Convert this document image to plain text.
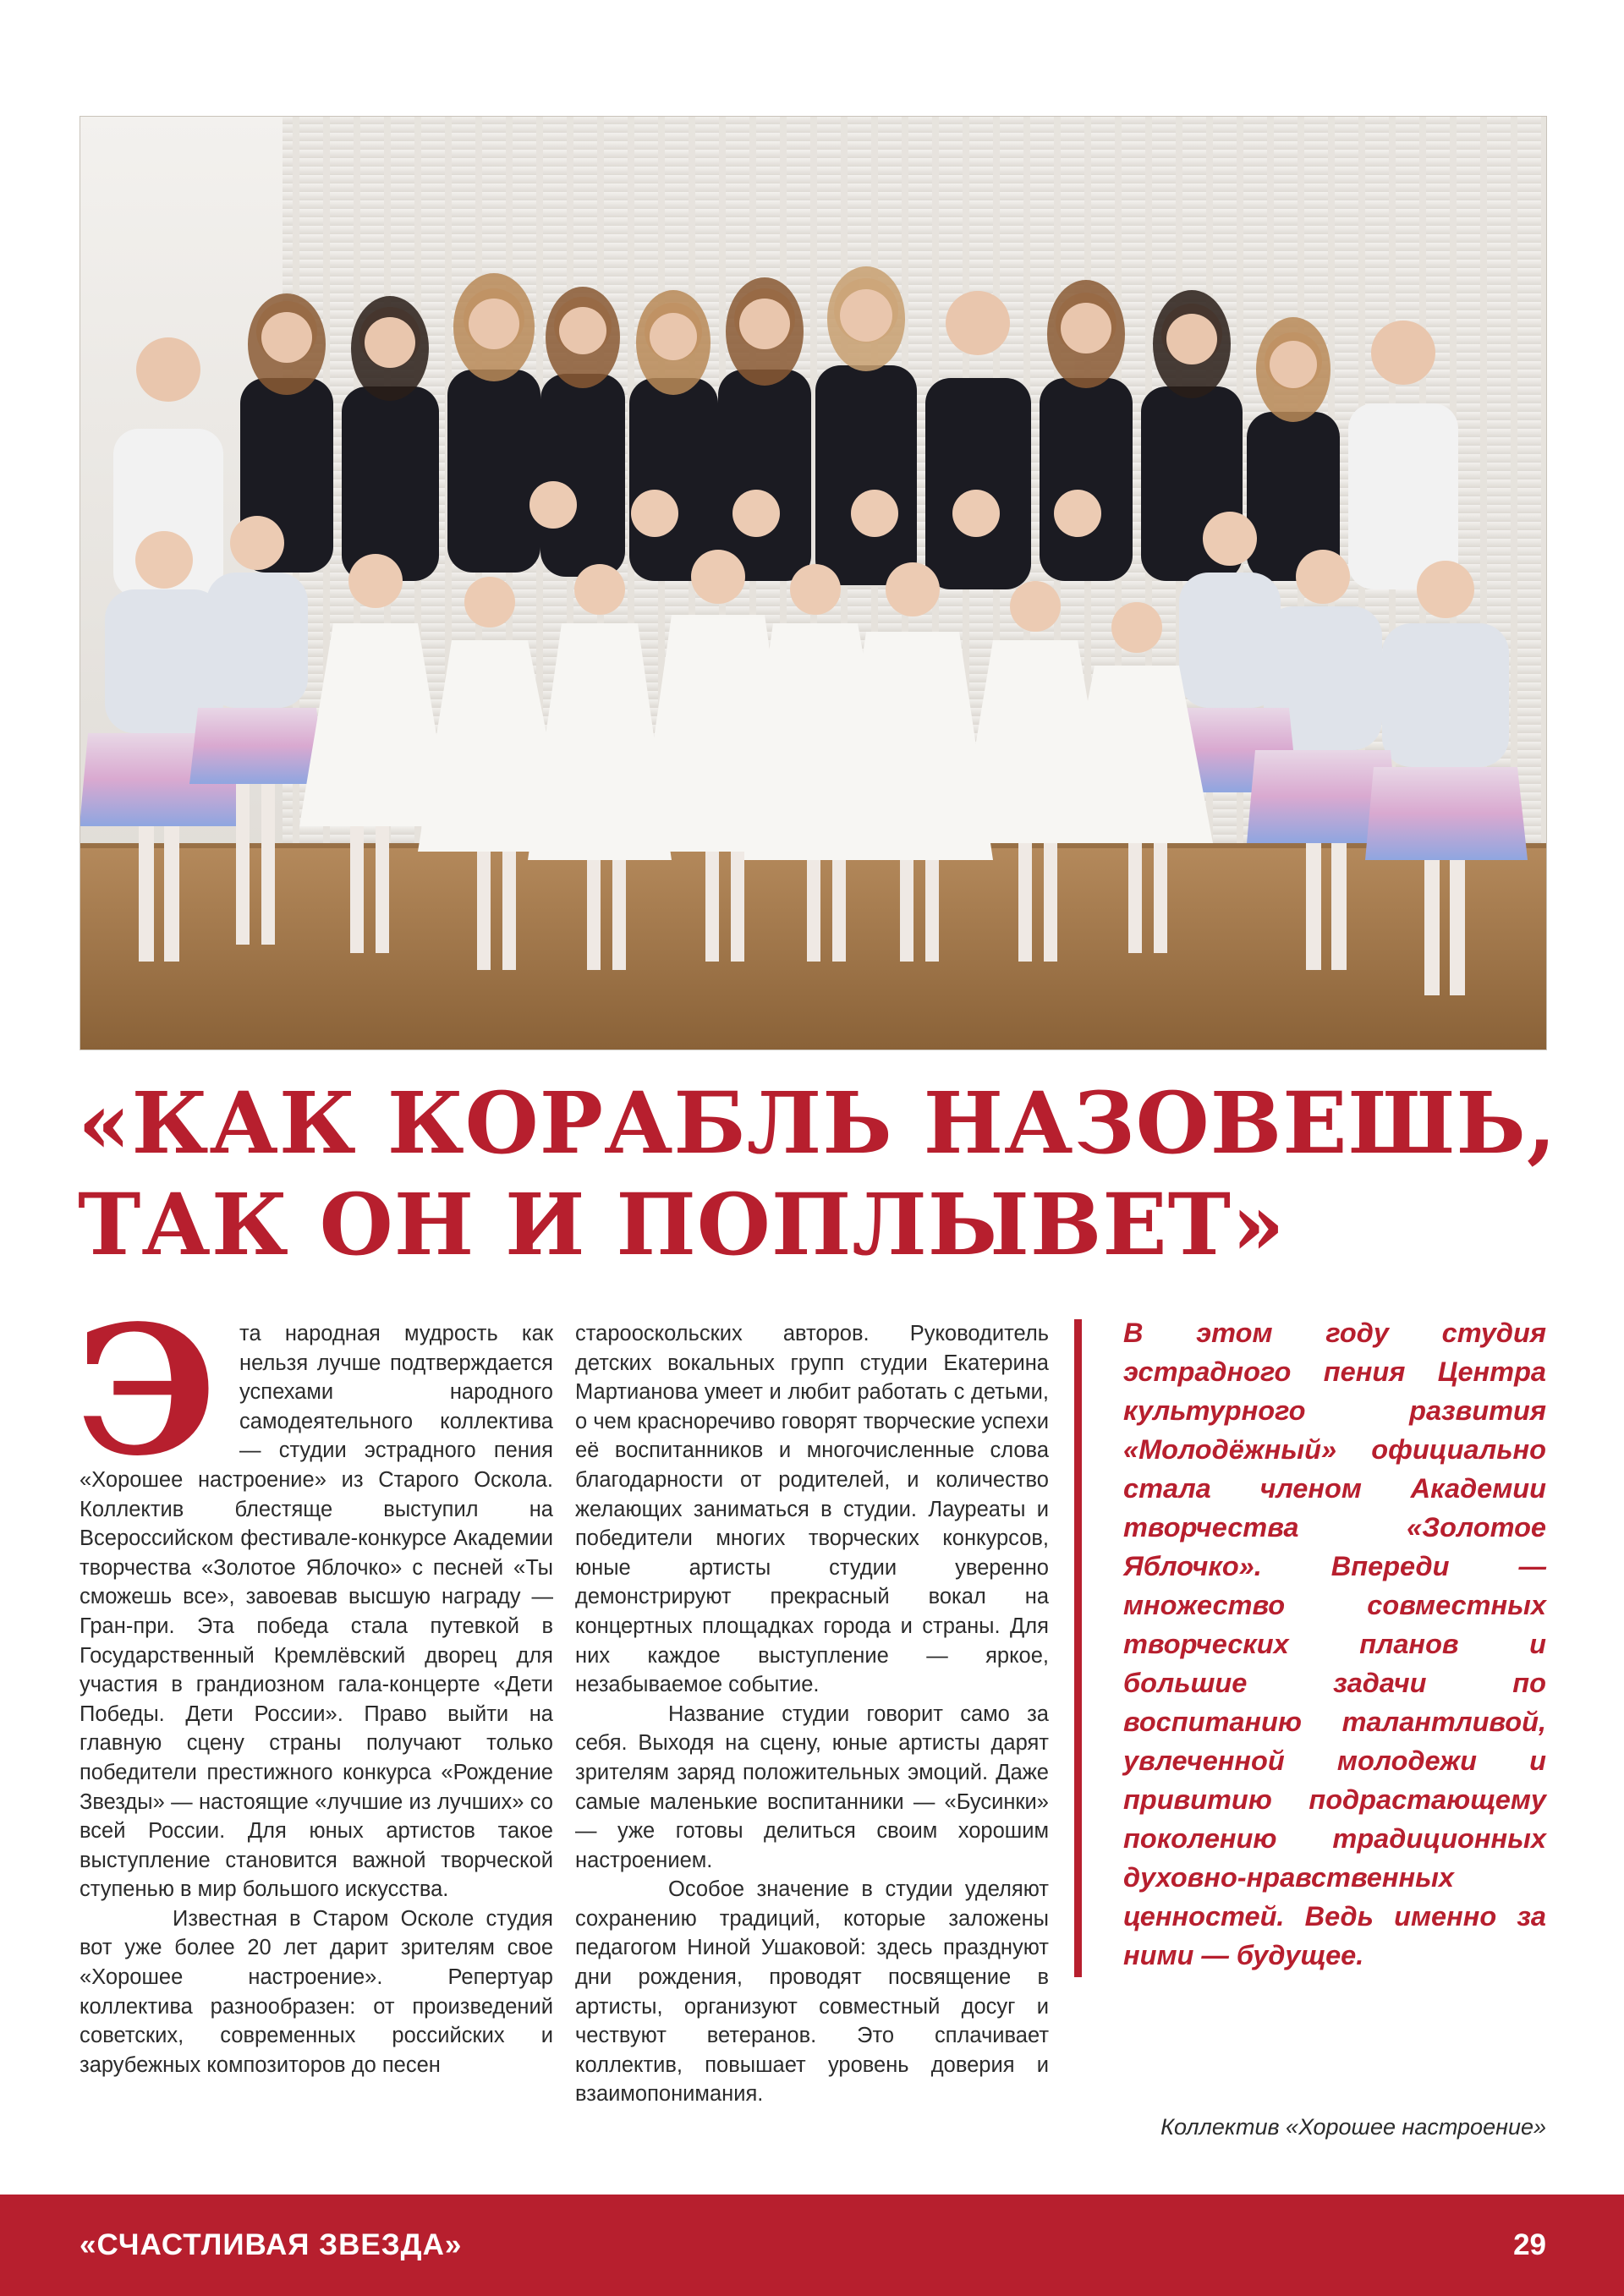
«КАК КОРАБЛЬ НАЗОВЕШЬ,
ТАК ОН И ПОПЛЫВЕТ»

Э та народная мудрость как нельзя лучше подтверждается успехами народного самодеятельного коллектива — студии эстрадного пения «Хорошее настроение» из Старого Оскола. Коллектив блестяще выступил на Всероссийском фестивале-конкурсе Академии творчества «Золотое Яблочко» с песней «Ты сможешь все», завоевав высшую награду — Гран-при. Эта победа стала путевкой в Государственный Кремлёвский дворец для участия в грандиозном гала-концерте «Дети Победы. Дети России». Право выйти на главную сцену страны получают только победители престижного конкурса «Рождение Звезды» — настоящие «лучшие из лучших» со всей России. Для юных артистов такое выступление становится важной творческой ступенью в мир большого искусства.

Известная в Старом Осколе студия вот уже более 20 лет дарит зрителям свое «Хорошее настроение». Репертуар коллектива разнообразен: от произведений советских, современных российских и зарубежных композиторов до песен

старооскольских авторов. Руководитель детских вокальных групп студии Екатерина Мартианова умеет и любит работать с детьми, о чем красноречиво говорят творческие успехи её воспитанников и многочисленные слова благодарности от родителей, и количество желающих заниматься в студии. Лауреаты и победители многих творческих конкурсов, юные артисты студии уверенно демонстрируют прекрасный вокал на концертных площадках города и страны. Для них каждое выступление — яркое, незабываемое событие.

Название студии говорит само за себя. Выходя на сцену, юные артисты дарят зрителям заряд положительных эмоций. Даже самые маленькие воспитанники — «Бусинки» — уже готовы делиться своим хорошим настроением.

Особое значение в студии уделяют сохранению традиций, которые заложены педагогом Ниной Ушаковой: здесь празднуют дни рождения, проводят посвящение в артисты, организуют совместный досуг и чествуют ветеранов. Это сплачивает коллектив, повышает уровень доверия и взаимопонимания.

В этом году студия эстрадного пения Центра культурного развития «Молодёжный» официально стала членом Академии творчества «Золотое Яблочко». Впереди — множество совместных творческих планов и большие задачи по воспитанию талантливой, увлеченной молодежи и привитию подрастающему поколению традиционных духовно-нравственных ценностей. Ведь именно за ними — будущее.
Коллектив «Хорошее настроение»
«СЧАСТЛИВАЯ ЗВЕЗДА»	29
